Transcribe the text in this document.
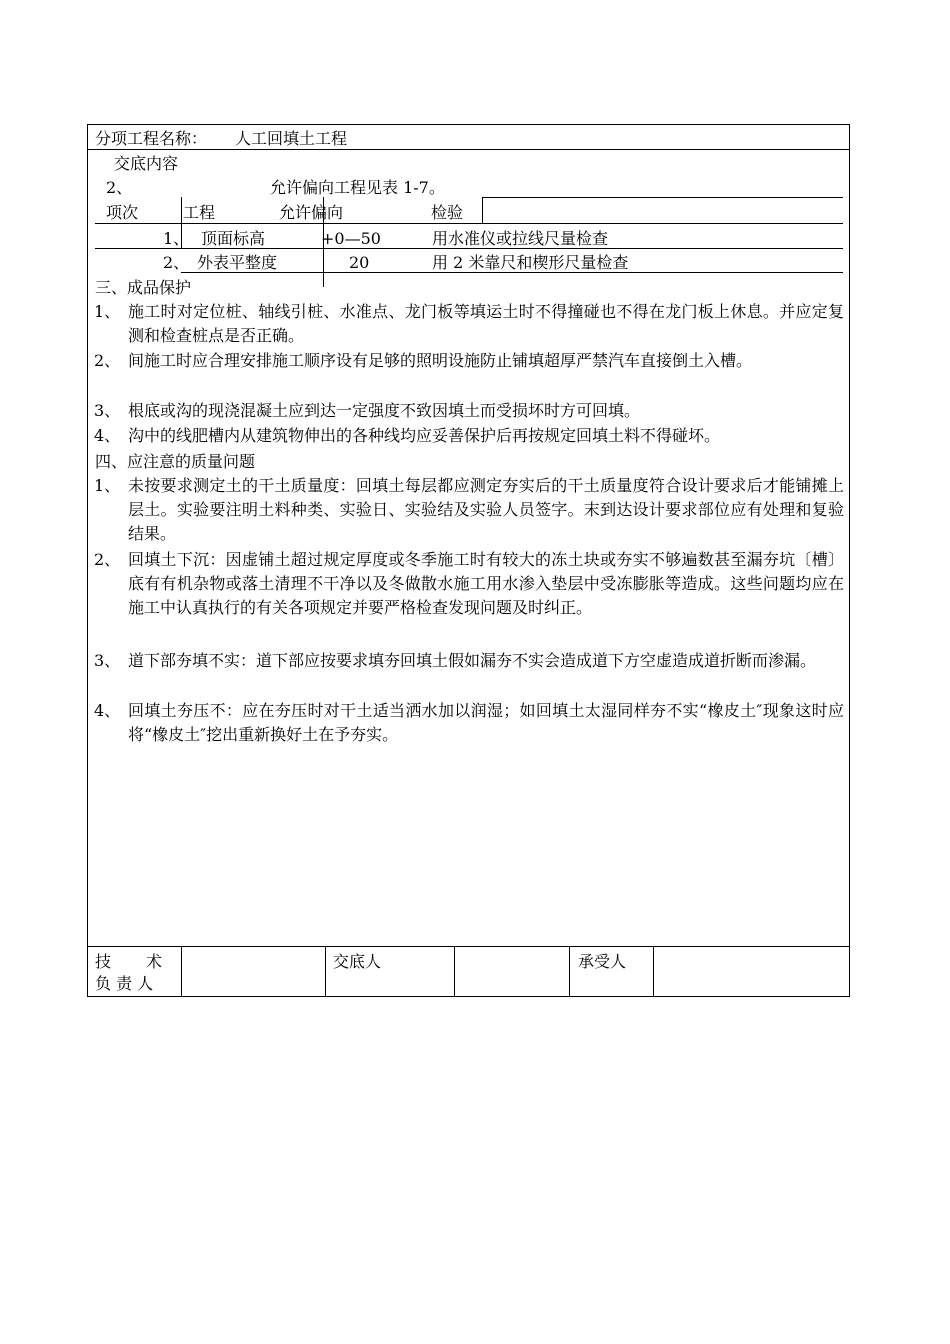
分项工程名称： 人工回填土工程
交底内容
2、	允许偏向工程见表 1-7。
项次	工程	允许偏向	检验
1、 顶面标高	+0—50	用水准仪或拉线尺量检查
2、 外表平整度	20	用 2 米靠尺和楔形尺量检查
三、成品保护
1、 施工时对定位桩、轴线引桩、水准点、龙门板等填运土时不得撞碰也不得在龙门板上休息。并应定复测和检查桩点是否正确。
2、 间施工时应合理安排施工顺序设有足够的照明设施防止铺填超厚严禁汽车直接倒土入槽。
3、 根底或沟的现浇混凝土应到达一定强度不致因填土而受损坏时方可回填。
4、 沟中的线肥槽内从建筑物伸出的各种线均应妥善保护后再按规定回填土料不得碰坏。
四、应注意的质量问题
1、 未按要求测定土的干土质量度：回填土每层都应测定夯实后的干土质量度符合设计要求后才能铺摊上层土。实验要注明土料种类、实验日、实验结及实验人员签字。末到达设计要求部位应有处理和复验结果。
2、 回填土下沉：因虚铺土超过规定厚度或冬季施工时有较大的冻土块或夯实不够遍数甚至漏夯坑〔槽〕底有有机杂物或落土清理不干净以及冬做散水施工用水渗入垫层中受冻膨胀等造成。这些问题均应在施工中认真执行的有关各项规定并要严格检查发现问题及时纠正。
3、 道下部夯填不实：道下部应按要求填夯回填土假如漏夯不实会造成道下方空虚造成道折断而渗漏。
4、 回填土夯压不：应在夯压时对干土适当洒水加以润湿；如回填土太湿同样夯不实“橡皮土″现象这时应将“橡皮土″挖出重新换好土在予夯实。
技　　术
负 责 人
交底人	承受人
